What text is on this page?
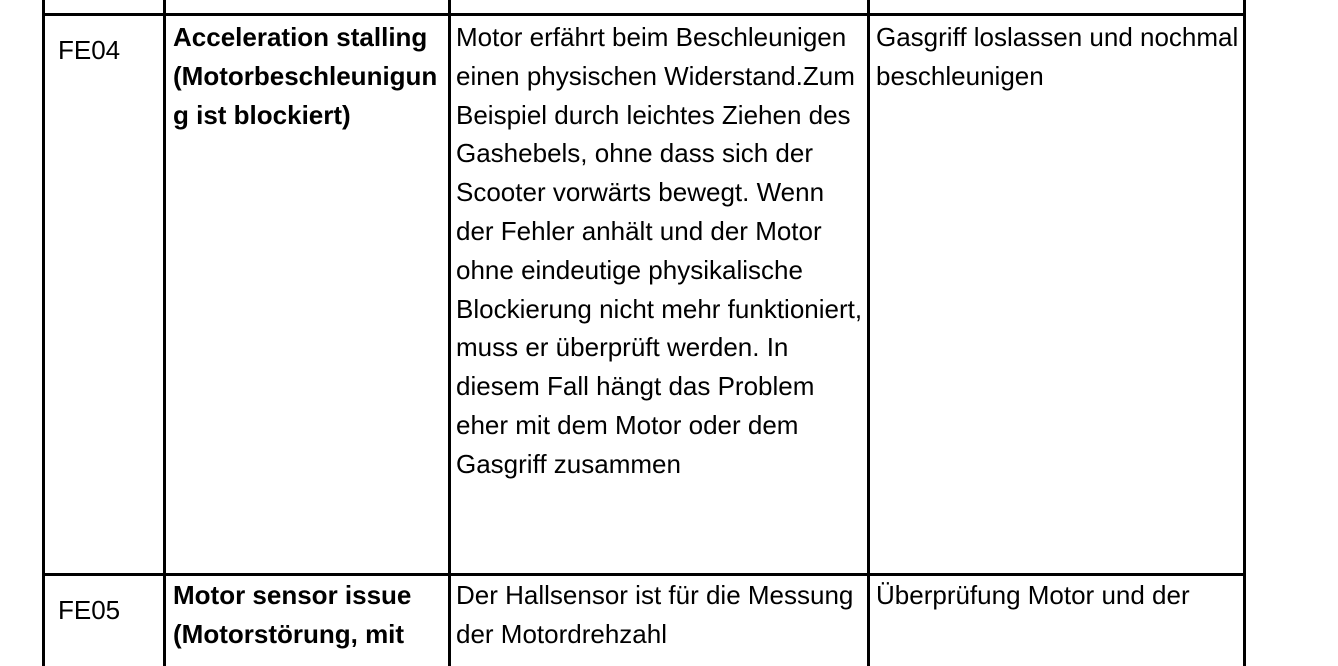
FE04	Acceleration stalling (Motorbeschleunigung ist blockiert)	Motor erfährt beim Beschleunigen einen physischen Widerstand.Zum Beispiel durch leichtes Ziehen des Gashebels, ohne dass sich der Scooter vorwärts bewegt. Wenn der Fehler anhält und der Motor ohne eindeutige physikalische Blockierung nicht mehr funktioniert, muss er überprüft werden. In diesem Fall hängt das Problem eher mit dem Motor oder dem Gasgriff zusammen	Gasgriff loslassen und nochmal beschleunigen

FE05	Motor sensor issue (Motorstörung, mit	Der Hallsensor ist für die Messung der Motordrehzahl	Überprüfung Motor und der
